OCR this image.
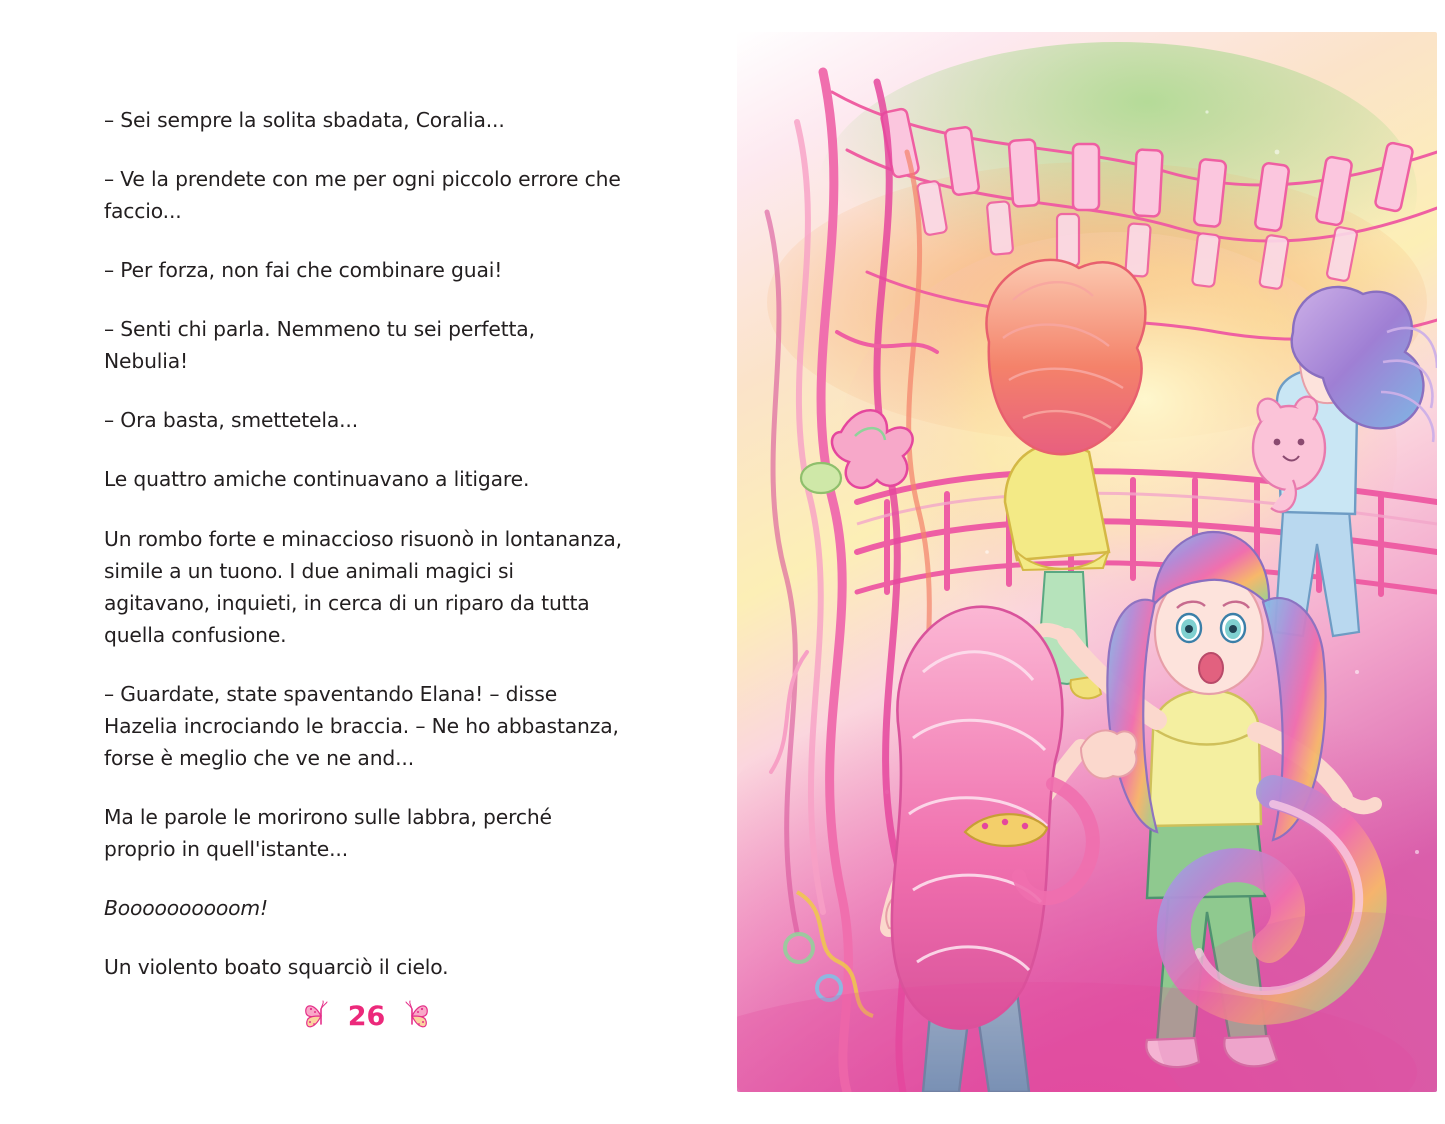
– Sei sempre la solita sbadata, Coralia...

– Ve la prendete con me per ogni piccolo errore che faccio...

– Per forza, non fai che combinare guai!

– Senti chi parla. Nemmeno tu sei perfetta, Nebulia!

– Ora basta, smettetela...

Le quattro amiche continuavano a litigare.

Un rombo forte e minaccioso risuonò in lontananza, simile a un tuono. I due animali magici si agitavano, inquieti, in cerca di un riparo da tutta quella confusione.

– Guardate, state spaventando Elana! – disse Hazelia incrociando le braccia. – Ne ho abbastanza, forse è meglio che ve ne and...

Ma le parole le morirono sulle labbra, perché proprio in quell'istante...

Boooooooooom!

Un violento boato squarciò il cielo.

26
